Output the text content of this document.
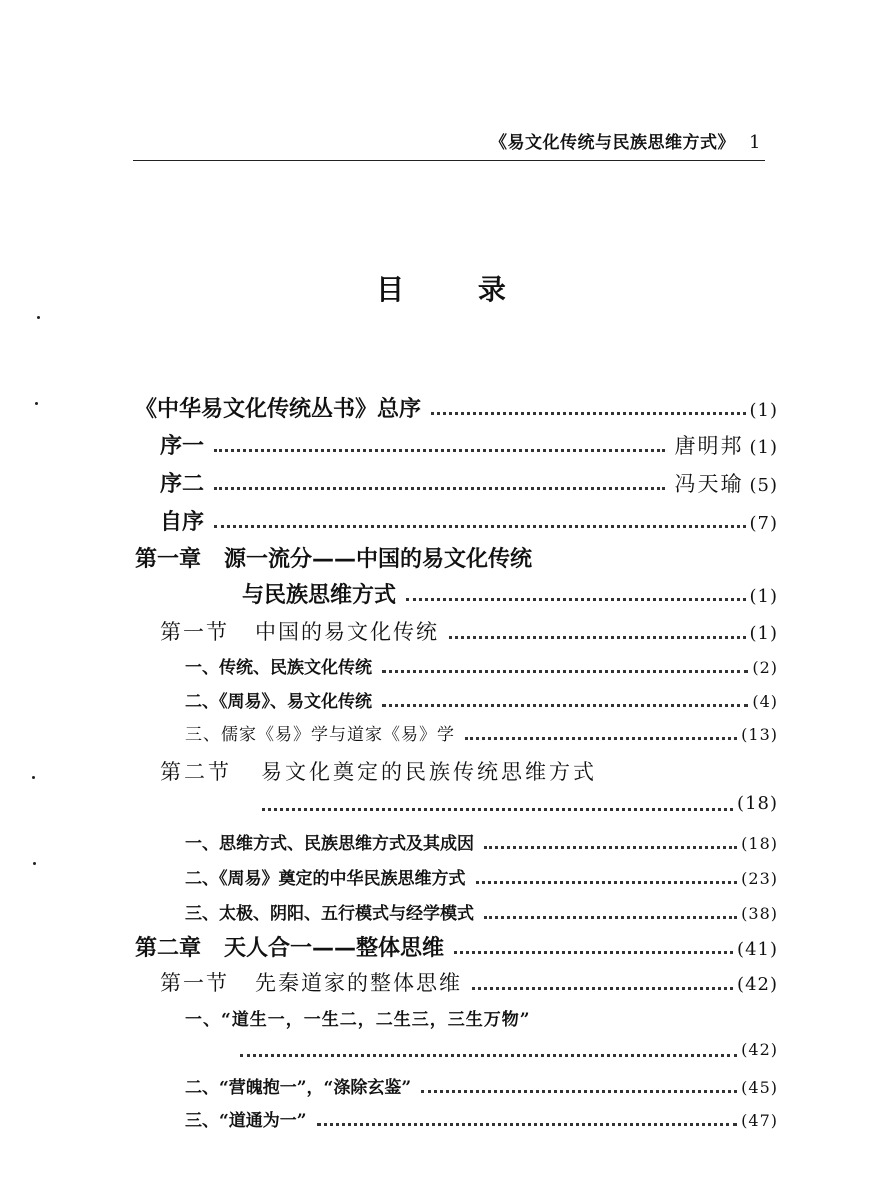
《易文化传统与民族思维方式》 1
目 录
《中华易文化传统丛书》总序	(1)
序一	唐明邦 (1)
序二	冯天瑜 (5)
自序	(7)
第一章   源一流分——中国的易文化传统
与民族思维方式	(1)
第一节   中国的易文化传统	(1)
一、传统、民族文化传统	(2)
二、《周易》、易文化传统	(4)
三、儒家《易》学与道家《易》学	(13)
第二节   易文化奠定的民族传统思维方式
(18)
一、思维方式、民族思维方式及其成因	(18)
二、《周易》奠定的中华民族思维方式	(23)
三、太极、阴阳、五行模式与经学模式	(38)
第二章   天人合一——整体思维	(41)
第一节   先秦道家的整体思维	(42)
一、“道生一，一生二，二生三，三生万物”
(42)
二、“营魄抱一”，“涤除玄鉴”	(45)
三、“道通为一”	(47)
